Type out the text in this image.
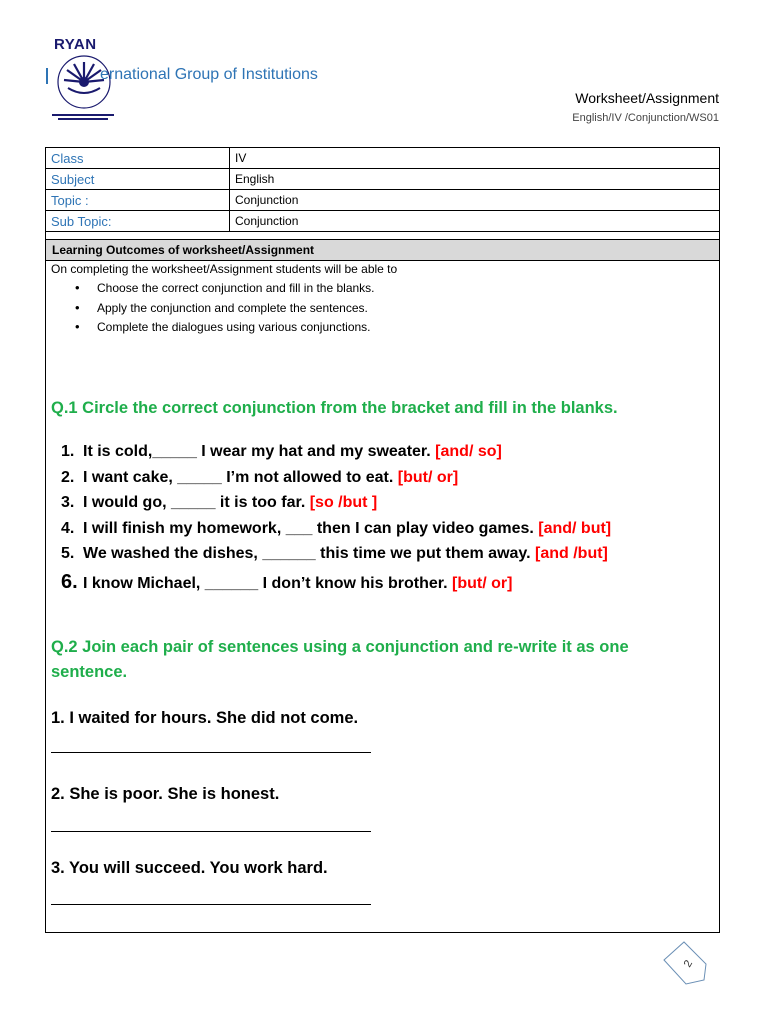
RYAN
ernational Group of Institutions
Worksheet/Assignment
English/IV /Conjunction/WS01
Class	IV
Subject	English
Topic :	Conjunction
Sub Topic:	Conjunction
Learning Outcomes of worksheet/Assignment
On completing the worksheet/Assignment students will be able to
• Choose the correct conjunction and fill in the blanks.
• Apply the conjunction and complete the sentences.
• Complete the dialogues using various conjunctions.
Q.1 Circle the correct conjunction from the bracket and fill in the blanks.
1. It is cold,_____ I wear my hat and my sweater. [and/ so]
2. I want cake, _____ I’m not allowed to eat. [but/ or]
3. I would go, _____ it is too far. [so /but ]
4. I will finish my homework, ___ then I can play video games. [and/ but]
5. We washed the dishes, ______ this time we put them away. [and /but]
6. I know Michael, ______ I don’t know his brother. [but/ or]
Q.2 Join each pair of sentences using a conjunction and re-write it as one
sentence.
1. I waited for hours. She did not come.
2. She is poor. She is honest.
3. You will succeed. You work hard.
2
